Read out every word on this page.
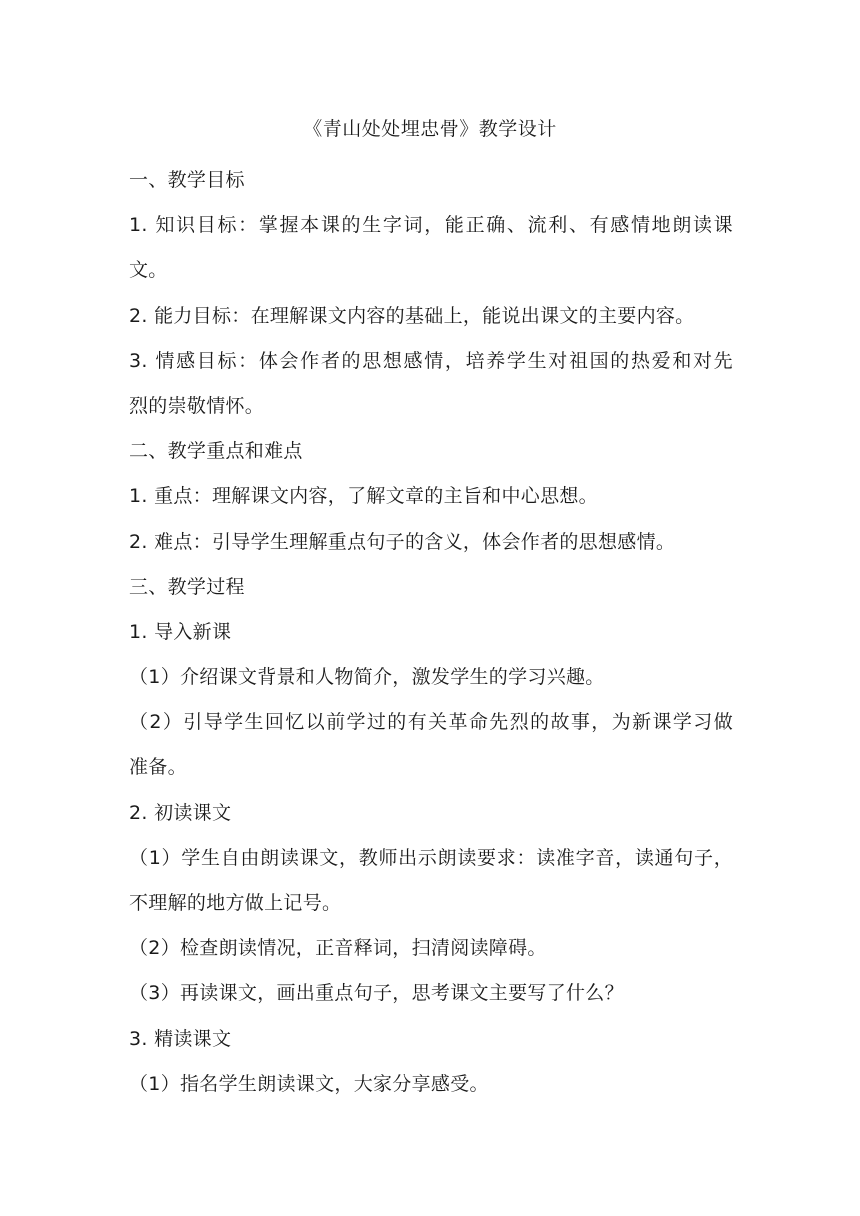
《青山处处埋忠骨》教学设计
一、教学目标
1. 知识目标：掌握本课的生字词，能正确、流利、有感情地朗读课
文。
2. 能力目标：在理解课文内容的基础上，能说出课文的主要内容。
3. 情感目标：体会作者的思想感情，培养学生对祖国的热爱和对先
烈的崇敬情怀。
二、教学重点和难点
1. 重点：理解课文内容，了解文章的主旨和中心思想。
2. 难点：引导学生理解重点句子的含义，体会作者的思想感情。
三、教学过程
1. 导入新课
（1）介绍课文背景和人物简介，激发学生的学习兴趣。
（2）引导学生回忆以前学过的有关革命先烈的故事，为新课学习做
准备。
2. 初读课文
（1）学生自由朗读课文，教师出示朗读要求：读准字音，读通句子，
不理解的地方做上记号。
（2）检查朗读情况，正音释词，扫清阅读障碍。
（3）再读课文，画出重点句子，思考课文主要写了什么？
3. 精读课文
（1）指名学生朗读课文，大家分享感受。
